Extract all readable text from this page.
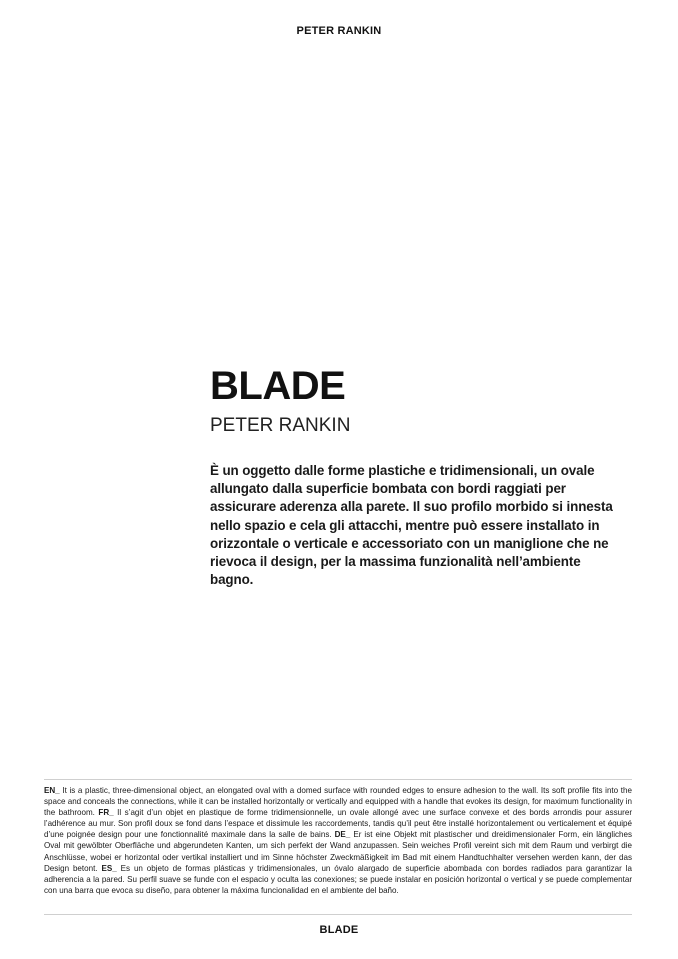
PETER RANKIN
BLADE
PETER RANKIN

È un oggetto dalle forme plastiche e tridimensionali, un ovale allungato dalla superficie bombata con bordi raggiati per assicurare aderenza alla parete. Il suo profilo morbido si innesta nello spazio e cela gli attacchi, mentre può essere installato in orizzontale o verticale e accessoriato con un maniglione che ne rievoca il design, per la massima funzionalità nell’ambiente bagno.

EN_ It is a plastic, three-dimensional object, an elongated oval with a domed surface with rounded edges to ensure adhesion to the wall. Its soft profile fits into the space and conceals the connections, while it can be installed horizontally or vertically and equipped with a handle that evokes its design, for maximum functionality in the bathroom. FR_ Il s’agit d’un objet en plastique de forme tridimensionnelle, un ovale allongé avec une surface convexe et des bords arrondis pour assurer l’adhérence au mur. Son profil doux se fond dans l’espace et dissimule les raccordements, tandis qu’il peut être installé horizontalement ou verticalement et équipé d’une poignée design pour une fonctionnalité maximale dans la salle de bains. DE_ Er ist eine Objekt mit plastischer und dreidimensionaler Form, ein längliches Oval mit gewölbter Oberfläche und abgerundeten Kanten, um sich perfekt der Wand anzupassen. Sein weiches Profil vereint sich mit dem Raum und verbirgt die Anschlüsse, wobei er horizontal oder vertikal installiert und im Sinne höchster Zweckmäßigkeit im Bad mit einem Handtuchhalter versehen werden kann, der das Design betont. ES_ Es un objeto de formas plásticas y tridimensionales, un óvalo alargado de superficie abombada con bordes radiados para garantizar la adherencia a la pared. Su perfil suave se funde con el espacio y oculta las conexiones; se puede instalar en posición horizontal o vertical y se puede complementar con una barra que evoca su diseño, para obtener la máxima funcionalidad en el ambiente del baño.
BLADE
